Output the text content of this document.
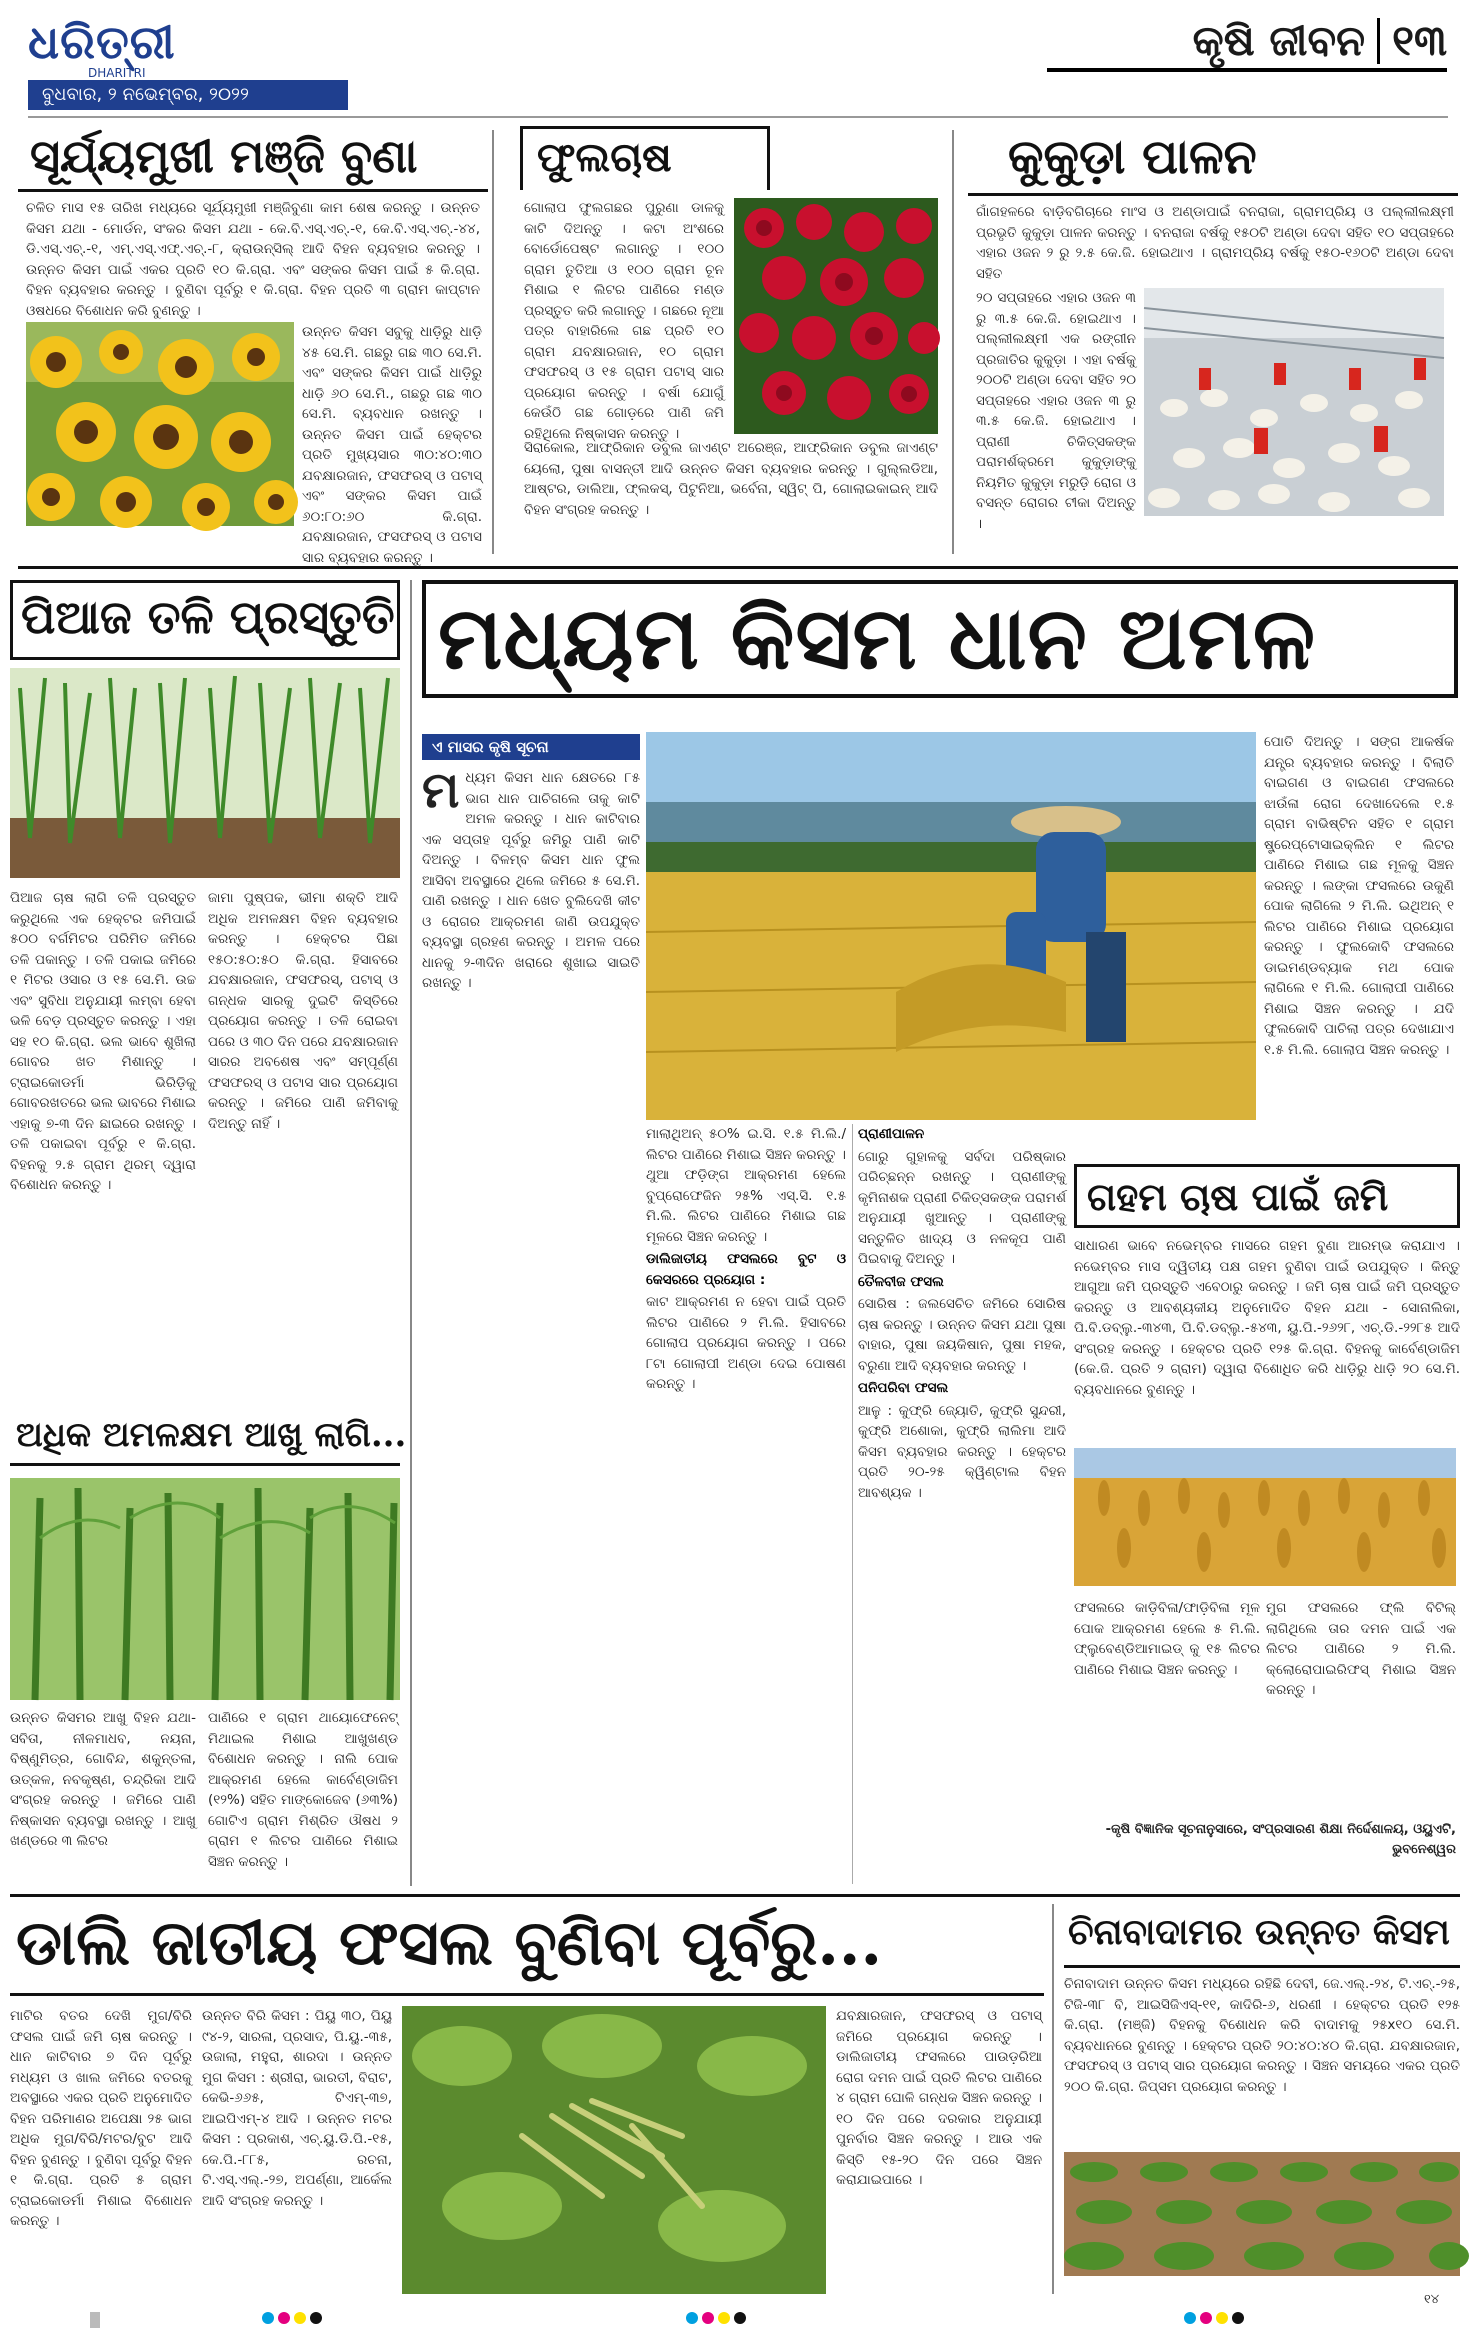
ଧରିତ୍ରୀ
DHARITRI
ବୁଧବାର, ୨ ନଭେମ୍ବର, ୨୦୨୨
କୃଷି ଜୀବନ ୧୩
ସୂର୍ଯ୍ୟମୁଖୀ ମଞ୍ଜି ବୁଣା
ଚଳିତ ମାସ ୧୫ ତାରିଖ ମଧ୍ୟରେ ସୂର୍ଯ୍ୟମୁଖୀ ମଞ୍ଜିବୁଣା କାମ ଶେଷ କରନ୍ତୁ । ଉନ୍ନତ କିସମ ଯଥା - ମୋର୍ଡନ, ସଂକର କିସମ ଯଥା - କେ.ବି.ଏସ୍.ଏଚ୍.-୧, କେ.ବି.ଏସ୍.ଏଚ୍.-୪୪, ଡି.ଏସ୍.ଏଚ୍.-୧, ଏମ୍.ଏସ୍.ଏଫ୍.ଏଚ୍.-୮, କ୍ରାଉନ୍ସିଲ୍ ଆଦି ବିହନ ବ୍ୟବହାର କରନ୍ତୁ । ଉନ୍ନତ କିସମ ପାଇଁ ଏକର ପ୍ରତି ୧୦ କି.ଗ୍ରା. ଏବଂ ସଙ୍କର କିସମ ପାଇଁ ୫ କି.ଗ୍ରା. ବିହନ ବ୍ୟବହାର କରନ୍ତୁ । ବୁଣିବା ପୂର୍ବରୁ ୧ କି.ଗ୍ରା. ବିହନ ପ୍ରତି ୩ ଗ୍ରାମ କାପ୍ଟାନ ଓଷଧରେ ବିଶୋଧନ କରି ବୁଣନ୍ତୁ ।
ଉନ୍ନତ କିସମ ସବୁକୁ ଧାଡ଼ିରୁ ଧାଡ଼ି ୪୫ ସେ.ମି. ଗଛରୁ ଗଛ ୩୦ ସେ.ମି. ଏବଂ ସଙ୍କର କିସମ ପାଇଁ ଧାଡ଼ିରୁ ଧାଡ଼ି ୬୦ ସେ.ମି., ଗଛରୁ ଗଛ ୩୦ ସେ.ମି. ବ୍ୟବଧାନ ରଖନ୍ତୁ । ଉନ୍ନତ କିସମ ପାଇଁ ହେକ୍ଟର ପ୍ରତି ମୁଖ୍ୟସାର ୩୦:୪୦:୩୦ ଯବକ୍ଷାରଜାନ, ଫସଫରସ୍ ଓ ପଟାସ୍ ଏବଂ ସଙ୍କର କିସମ ପାଇଁ ୬୦:୮୦:୬୦ କି.ଗ୍ରା. ଯବକ୍ଷାରଜାନ, ଫସଫରସ୍ ଓ ପଟାସ ସାର ବ୍ୟବହାର କରନ୍ତୁ ।
ଫୁଲଚାଷ
ଗୋଲାପ ଫୁଲଗଛର ପୁରୁଣା ଡାଳକୁ କାଟି ଦିଅନ୍ତୁ । କଟା ଅଂଶରେ ବୋର୍ଡୋପେଷ୍ଟ ଲଗାନ୍ତୁ । ୧୦୦ ଗ୍ରାମ ତୁତିଆ ଓ ୧୦୦ ଗ୍ରାମ ଚୂନ ମିଶାଇ ୧ ଲିଟର ପାଣିରେ ମଣ୍ଡ ପ୍ରସ୍ତୁତ କରି ଲଗାନ୍ତୁ । ଗଛରେ ନୂଆ ପତ୍ର ବାହାରିଲେ ଗଛ ପ୍ରତି ୧୦ ଗ୍ରାମ ଯବକ୍ଷାରଜାନ, ୧୦ ଗ୍ରାମ ଫସଫରସ୍ ଓ ୧୫ ଗ୍ରାମ ପଟାସ୍ ସାର ପ୍ରୟୋଗ କରନ୍ତୁ । ବର୍ଷା ଯୋଗୁଁ କେଉଁଠି ଗଛ ଗୋଡ଼ରେ ପାଣି ଜମି ରହିଥିଲେ ନିଷ୍କାସନ କରନ୍ତୁ ।
ସିରାକୋଲ, ଆଫ୍ରିକାନ ଡବୁଲ ଜାଏଣ୍ଟ ଅରେଞ୍ଜ, ଆଫ୍ରିକାନ ଡବୁଲ ଜାଏଣ୍ଟ ୟେଲୋ, ପୁଷା ବାସନ୍ତୀ ଆଦି ଉନ୍ନତ କିସମ ବ୍ୟବହାର କରନ୍ତୁ । ଗୁଲ୍ଲଡିଆ, ଆଷ୍ଟର, ଡାଲିଆ, ଫ୍ଲକସ୍, ପିଟୁନିଆ, ଭର୍ବେନା, ସ୍ୱିଟ୍ ପି, ଗୋଲାଇକାଇନ୍ ଆଦି ବିହନ ସଂଗ୍ରହ କରନ୍ତୁ ।
କୁକୁଡ଼ା ପାଳନ
ଗାଁଗହଳରେ ବାଡ଼ିବଗିଚାରେ ମାଂସ ଓ ଅଣ୍ଡାପାଇଁ ବନରାଜା, ଗ୍ରାମପ୍ରିୟ ଓ ପଲ୍ଲୀଲକ୍ଷ୍ମୀ ପ୍ରଭୃତି କୁକୁଡ଼ା ପାଳନ କରନ୍ତୁ । ବନରାଜା ବର୍ଷକୁ ୧୫୦ଟି ଅଣ୍ଡା ଦେବା ସହିତ ୧୦ ସପ୍ତାହରେ ଏହାର ଓଜନ ୨ ରୁ ୨.୫ କେ.ଜି. ହୋଇଥାଏ । ଗ୍ରାମପ୍ରିୟ ବର୍ଷକୁ ୧୫୦-୧୬୦ଟି ଅଣ୍ଡା ଦେବା ସହିତ
୨୦ ସପ୍ତାହରେ ଏହାର ଓଜନ ୩ ରୁ ୩.୫ କେ.ଜି. ହୋଇଥାଏ । ପଲ୍ଲୀଲକ୍ଷ୍ମୀ ଏକ ରଙ୍ଗୀନ ପ୍ରଜାତିର କୁକୁଡ଼ା । ଏହା ବର୍ଷକୁ ୨୦୦ଟି ଅଣ୍ଡା ଦେବା ସହିତ ୨୦ ସପ୍ତାହରେ ଏହାର ଓଜନ ୩ ରୁ ୩.୫ କେ.ଜି. ହୋଇଥାଏ । ପ୍ରାଣୀ ଚିକିତ୍ସକଙ୍କ ପରାମର୍ଶକ୍ରମେ କୁକୁଡ଼ାଙ୍କୁ ନିୟମିତ କୁକୁଡ଼ା ମରୁଡ଼ି ରୋଗ ଓ ବସନ୍ତ ରୋଗର ଟୀକା ଦିଅନ୍ତୁ ।
ପିଆଜ ତଳି ପ୍ରସ୍ତୁତି
ପିଆଜ ଚାଷ ଲାଗି ତଳି ପ୍ରସ୍ତୁତ କରୁଥିଲେ ଏକ ହେକ୍ଟର ଜମିପାଇଁ ୫୦୦ ବର୍ଗମିଟର ପରିମିତ ଜମିରେ ତଳି ପକାନ୍ତୁ । ତଳି ପକାଇ ଜମିରେ ୧ ମିଟର ଓସାର ଓ ୧୫ ସେ.ମି. ଉଚ୍ଚ ଏବଂ ସୁବିଧା ଅନୁଯାୟୀ ଲମ୍ବା ହେବା ଭଳି ବେଡ଼ ପ୍ରସ୍ତୁତ କରନ୍ତୁ । ଏହା ସହ ୧୦ କି.ଗ୍ରା. ଭଲ ଭାବେ ଶୁଖିଲା ଗୋବର ଖତ ମିଶାନ୍ତୁ । ଟ୍ରାଇକୋଡର୍ମା ଭିରିଡ଼ିକୁ ଗୋବରଖତରେ ଭଲ ଭାବରେ ମିଶାଇ ଏହାକୁ ୭-୩ ଦିନ ଛାଇରେ ରଖନ୍ତୁ । ତଳି ପକାଇବା ପୂର୍ବରୁ ୧ କି.ଗ୍ରା. ବିହନକୁ ୨.୫ ଗ୍ରାମ ଥିରମ୍ ଦ୍ୱାରା ବିଶୋଧନ କରନ୍ତୁ ।
ଜାମା ପୁଷ୍ପକ, ଭୀମା ଶକ୍ତି ଆଦି ଅଧିକ ଅମଳକ୍ଷମ ବିହନ ବ୍ୟବହାର କରନ୍ତୁ । ହେକ୍ଟର ପିଛା ୧୫୦:୫୦:୫୦ କି.ଗ୍ରା. ହିସାବରେ ଯବକ୍ଷାରଜାନ, ଫସଫରସ୍, ପଟାସ୍ ଓ ଗନ୍ଧକ ସାରକୁ ଦୁଇଟି କିସ୍ତିରେ ପ୍ରୟୋଗ କରନ୍ତୁ । ତଳି ରୋଇବା ପରେ ଓ ୩୦ ଦିନ ପରେ ଯବକ୍ଷାରଜାନ ସାରର ଅବଶେଷ ଏବଂ ସମ୍ପୂର୍ଣ୍ଣ ଫସଫରସ୍ ଓ ପଟାସ ସାର ପ୍ରୟୋଗ କରନ୍ତୁ । ଜମିରେ ପାଣି ଜମିବାକୁ ଦିଅନ୍ତୁ ନାହିଁ ।
ଅଧିକ ଅମଳକ୍ଷମ ଆଖୁ ଲାଗି...
ଉନ୍ନତ କିସମର ଆଖୁ ବିହନ ଯଥା- ସବିତା, ନୀଳମାଧବ, ନୟନା, ବିଷ୍ଣୁମିତ୍ର, ଗୋବିନ୍ଦ, ଶକୁନ୍ତଳା, ଉତ୍କଳ, ନବକୃଷ୍ଣ, ଚନ୍ଦ୍ରିକା ଆଦି ସଂଗ୍ରହ କରନ୍ତୁ । ଜମିରେ ପାଣି ନିଷ୍କାସନ ବ୍ୟବସ୍ଥା ରଖନ୍ତୁ । ଆଖୁ ଖଣ୍ଡରେ ୩ ଲିଟର
ପାଣିରେ ୧ ଗ୍ରାମ ଥାୟୋଫେନେଟ୍ ମିଥାଇଲ ମିଶାଇ ଆଖୁଖଣ୍ଡ ବିଶୋଧନ କରନ୍ତୁ । ନାଲି ପୋକ ଆକ୍ରମଣ ହେଲେ କାର୍ବେଣ୍ଡାଜିମ (୧୨%) ସହିତ ମାଙ୍କୋଜେବ (୬୩%) ଗୋଟିଏ ଗ୍ରାମ ମିଶ୍ରିତ ଔଷଧ ୨ ଗ୍ରାମ ୧ ଲିଟର ପାଣିରେ ମିଶାଇ ସିଞ୍ଚନ କରନ୍ତୁ ।
ମଧ୍ୟମ କିସମ ଧାନ ଅମଳ
ଏ ମାସର କୃଷି ସୂଚନା
ମଧ୍ୟମ କିସମ ଧାନ କ୍ଷେତରେ ୮୫ ଭାଗ ଧାନ ପାଚିଗଲେ ତାକୁ କାଟି ଅମଳ କରନ୍ତୁ । ଧାନ କାଟିବାର ଏକ ସପ୍ତାହ ପୂର୍ବରୁ ଜମିରୁ ପାଣି କାଟି ଦିଅନ୍ତୁ । ବିଳମ୍ବ କିସମ ଧାନ ଫୁଲ ଆସିବା ଅବସ୍ଥାରେ ଥିଲେ ଜମିରେ ୫ ସେ.ମି. ପାଣି ରଖନ୍ତୁ । ଧାନ ଖେତ ବୁଲିଦେଖି କୀଟ ଓ ରୋଗର ଆକ୍ରମଣ ଜାଣି ଉପଯୁକ୍ତ ବ୍ୟବସ୍ଥା ଗ୍ରହଣ କରନ୍ତୁ । ଅମଳ ପରେ ଧାନକୁ ୨-୩ଦିନ ଖରାରେ ଶୁଖାଇ ସାଇତି ରଖନ୍ତୁ ।
ପୋତି ଦିଅନ୍ତୁ । ସଙ୍ଗ ଆକର୍ଷକ ଯନ୍ତ୍ର ବ୍ୟବହାର କରନ୍ତୁ । ବିଲାତି ବାଇଗଣ ଓ ବାଇଗଣ ଫସଲରେ ଝାଉଁଳା ରୋଗ ଦେଖାଦେଲେ ୧.୫ ଗ୍ରାମ ବାଭିଷ୍ଟିନ ସହିତ ୧ ଗ୍ରାମ ଷ୍ଟ୍ରେପ୍ଟୋସାଇକ୍ଲିନ ୧ ଲିଟର ପାଣିରେ ମିଶାଇ ଗଛ ମୂଳକୁ ସିଞ୍ଚନ କରନ୍ତୁ । ଲଙ୍କା ଫସଲରେ ଉକୁଣି ପୋକ ଲାଗିଲେ ୨ ମି.ଲି. ଇଥିଅନ୍ ୧ ଲିଟର ପାଣିରେ ମିଶାଇ ପ୍ରୟୋଗ କରନ୍ତୁ । ଫୁଲକୋବି ଫସଲରେ ଡାଇମଣ୍ଡବ୍ୟାକ ମଥ ପୋକ ଲାଗିଲେ ୧ ମି.ଲି. ଗୋଲାପୀ ପାଣିରେ ମିଶାଇ ସିଞ୍ଚନ କରନ୍ତୁ । ଯଦି ଫୁଲକୋବି ପାଚିଲା ପତ୍ର ଦେଖାଯାଏ ୧.୫ ମି.ଲି. ଗୋଲାପ ସିଞ୍ଚନ କରନ୍ତୁ ।

ମାଲାଥିଅନ୍ ୫୦% ଇ.ସି. ୧.୫ ମି.ଲି./ଲିଟର ପାଣିରେ ମିଶାଇ ସିଞ୍ଚନ କରନ୍ତୁ । ଥୁଆ ଫଡ଼ିଙ୍ଗ ଆକ୍ରମଣ ହେଲେ ବୁପ୍ରୋଫେଜିନ ୨୫% ଏସ୍.ସି. ୧.୫ ମି.ଲି. ଲିଟର ପାଣିରେ ମିଶାଇ ଗଛ ମୂଳରେ ସିଞ୍ଚନ କରନ୍ତୁ ।

ଡାଲିଜାତୀୟ ଫସଲରେ ବୁଟ ଓ କେସରରେ ପ୍ରୟୋଗ :

କାଟ ଆକ୍ରମଣ ନ ହେବା ପାଇଁ ପ୍ରତି ଲିଟର ପାଣିରେ ୨ ମି.ଲି. ହିସାବରେ ଗୋଲାପ ପ୍ରୟୋଗ କରନ୍ତୁ । ପରେ ୮ଟା ଗୋଲାପୀ ଅଣ୍ଡା ଦେଇ ପୋଷଣ କରନ୍ତୁ ।

ପ୍ରାଣୀପାଳନ

ଗୋରୁ ଗୁହାଳକୁ ସର୍ବଦା ପରିଷ୍କାର ପରିଚ୍ଛନ୍ନ ରଖନ୍ତୁ । ପ୍ରାଣୀଙ୍କୁ କୃମିନାଶକ ପ୍ରାଣୀ ଚିକିତ୍ସକଙ୍କ ପରାମର୍ଶ ଅନୁଯାୟୀ ଖୁଆନ୍ତୁ । ପ୍ରାଣୀଙ୍କୁ ସନ୍ତୁଳିତ ଖାଦ୍ୟ ଓ ନଳକୂପ ପାଣି ପିଇବାକୁ ଦିଅନ୍ତୁ ।

ତୈଳବୀଜ ଫସଲ

ସୋରିଷ : ଜଲସେଚିତ ଜମିରେ ସୋରିଷ ଚାଷ କରନ୍ତୁ । ଉନ୍ନତ କିସମ ଯଥା ପୁଷା ବାହାର, ପୁଷା ଜୟକିଷାନ, ପୁଷା ମହକ, ବରୁଣା ଆଦି ବ୍ୟବହାର କରନ୍ତୁ ।

ପନିପରିବା ଫସଲ

ଆଳୁ : କୁଫ୍ରି ଜ୍ୟୋତି, କୁଫ୍ରି ସୁନ୍ଦରୀ, କୁଫ୍ରି ଅଶୋକା, କୁଫ୍ରି ଲାଲିମା ଆଦି କିସମ ବ୍ୟବହାର କରନ୍ତୁ । ହେକ୍ଟର ପ୍ରତି ୨୦-୨୫ କ୍ୱିଣ୍ଟାଲ ବିହନ ଆବଶ୍ୟକ ।

ଗହମ ଚାଷ ପାଇଁ ଜମି
ସାଧାରଣ ଭାବେ ନଭେମ୍ବର ମାସରେ ଗହମ ବୁଣା ଆରମ୍ଭ କରାଯାଏ । ନଭେମ୍ବର ମାସ ଦ୍ୱିତୀୟ ପକ୍ଷ ଗହମ ବୁଣିବା ପାଇଁ ଉପଯୁକ୍ତ । କିନ୍ତୁ ଆଗୁଆ ଜମି ପ୍ରସ୍ତୁତି ଏବେଠାରୁ କରନ୍ତୁ । ଜମି ଚାଷ ପାଇଁ ଜମି ପ୍ରସ୍ତୁତ କରନ୍ତୁ ଓ ଆବଶ୍ୟକୀୟ ଅନୁମୋଦିତ ବିହନ ଯଥା - ସୋନାଲିକା, ପି.ବି.ଡବ୍ଲୁ.-୩୪୩, ପି.ବି.ଡବ୍ଲୁ.-୫୪୩, ୟୁ.ପି.-୨୬୨୮, ଏଚ୍.ଡି.-୨୨୮୫ ଆଦି ସଂଗ୍ରହ କରନ୍ତୁ । ହେକ୍ଟର ପ୍ରତି ୧୨୫ କି.ଗ୍ରା. ବିହନକୁ କାର୍ବେଣ୍ଡାଜିମ (କେ.ଜି. ପ୍ରତି ୨ ଗ୍ରାମ) ଦ୍ୱାରା ବିଶୋଧିତ କରି ଧାଡ଼ିରୁ ଧାଡ଼ି ୨୦ ସେ.ମି. ବ୍ୟବଧାନରେ ବୁଣନ୍ତୁ ।
ଫସଲରେ କାଡ଼ିବିଳା/ଫାଡ଼ିବିଳା ମୂଳ ପୋକ ଆକ୍ରମଣ ହେଲେ ୫ ମି.ଲି. ଫ୍ଲୁବେଣ୍ଡିଆମାଇଡ୍ କୁ ୧୫ ଲିଟର ପାଣିରେ ମିଶାଇ ସିଞ୍ଚନ କରନ୍ତୁ ।
ମୁଗ ଫସଲରେ ଫ୍ଲି ବିଟିଲ୍ ଲାଗିଥିଲେ ତାର ଦମନ ପାଇଁ ଏକ ଲିଟର ପାଣିରେ ୨ ମି.ଲି. କ୍ଲୋରୋପାଇରିଫସ୍ ମିଶାଇ ସିଞ୍ଚନ କରନ୍ତୁ ।
-କୃଷି ବିଜ୍ଞାନିକ ସୂଚନାନୁସାରେ, ସଂପ୍ରସାରଣ ଶିକ୍ଷା ନିର୍ଦ୍ଦେଶାଳୟ, ଓୟୁଏଟି, ଭୁବନେଶ୍ୱର
ଡାଲି ଜାତୀୟ ଫସଲ ବୁଣିବା ପୂର୍ବରୁ...
ମାଟିର ବତର ଦେଖି ମୁଗ/ବିରି ଫସଲ ପାଇଁ ଜମି ଚାଷ କରନ୍ତୁ । ଧାନ କାଟିବାର ୭ ଦିନ ପୂର୍ବରୁ ମଧ୍ୟମ ଓ ଖାଲ ଜମିରେ ବତରକୁ ଅବସ୍ଥାରେ ଏକର ପ୍ରତି ଅନୁମୋଦିତ ବିହନ ପରିମାଣର ଅପେକ୍ଷା ୨୫ ଭାଗ ଅଧିକ ମୁଗ/ବିରି/ମଟର/ବୁଟ ଆଦି ବିହନ ବୁଣନ୍ତୁ । ବୁଣିବା ପୂର୍ବରୁ ବିହନ ୧ କି.ଗ୍ରା. ପ୍ରତି ୫ ଗ୍ରାମ ଟ୍ରାଇକୋଡର୍ମା ମିଶାଇ ବିଶୋଧନ କରନ୍ତୁ ।
ଉନ୍ନତ ବିରି କିସମ : ପିୟୁ ୩୦, ପିୟୁ ୯୪-୨, ସାରଳା, ପ୍ରସାଦ, ପି.ୟୁ.-୩୫, ଉଜାଲା, ମହୁରା, ଶାରଦା । ଉନ୍ନତ ମୁଗ କିସମ : ଶ୍ରୀରା, ଭାରତୀ, ବିରାଟ, କେଭି-୬୬୫, ଟିଏମ୍-୩୭, ଆଇପିଏମ୍-୪ ଆଦି । ଉନ୍ନତ ମଟର କିସମ : ପ୍ରକାଶ, ଏଚ୍.ୟୁ.ଡି.ପି.-୧୫, କେ.ପି.-୮୮୫, ରଚନା, ଟି.ଏସ୍.ଏଲ୍.-୨୭, ଅପର୍ଣ୍ଣା, ଆର୍କେଲ ଆଦି ସଂଗ୍ରହ କରନ୍ତୁ ।
ଯବକ୍ଷାରଜାନ, ଫସଫରସ୍ ଓ ପଟାସ୍ ଜମିରେ ପ୍ରୟୋଗ କରନ୍ତୁ । ଡାଲିଜାତୀୟ ଫସଲରେ ପାଉଡ଼ରିଆ ରୋଗ ଦମନ ପାଇଁ ପ୍ରତି ଲିଟର ପାଣିରେ ୪ ଗ୍ରାମ ଘୋଳି ଗନ୍ଧକ ସିଞ୍ଚନ କରନ୍ତୁ । ୧୦ ଦିନ ପରେ ଦରକାର ଅନୁଯାୟୀ ପୁନର୍ବାର ସିଞ୍ଚନ କରନ୍ତୁ । ଆଉ ଏକ କିସ୍ତି ୧୫-୨୦ ଦିନ ପରେ ସିଞ୍ଚନ କରାଯାଇପାରେ ।
ଚିନାବାଦାମର ଉନ୍ନତ କିସମ
ଚିନାବାଦାମ ଉନ୍ନତ କିସମ ମଧ୍ୟରେ ରହିଛି ଦେବୀ, ଜେ.ଏଲ୍.-୨୪, ଟି.ଏଚ୍.-୨୫, ଟିଜି-୩୮ ବି, ଆଇସିଜିଏସ୍-୧୧, କାଦିରି-୬, ଧରଣୀ । ହେକ୍ଟର ପ୍ରତି ୧୨୫ କି.ଗ୍ରା. (ମଞ୍ଜି) ବିହନକୁ ବିଶୋଧନ କରି ବାଦାମକୁ ୨୫x୧୦ ସେ.ମି. ବ୍ୟବଧାନରେ ବୁଣନ୍ତୁ । ହେକ୍ଟର ପ୍ରତି ୨୦:୪୦:୪୦ କି.ଗ୍ରା. ଯବକ୍ଷାରଜାନ, ଫସଫରସ୍ ଓ ପଟାସ୍ ସାର ପ୍ରୟୋଗ କରନ୍ତୁ । ସିଞ୍ଚନ ସମୟରେ ଏକର ପ୍ରତି ୨୦୦ କି.ଗ୍ରା. ଜିପ୍ସମ ପ୍ରୟୋଗ କରନ୍ତୁ ।
୧୪
